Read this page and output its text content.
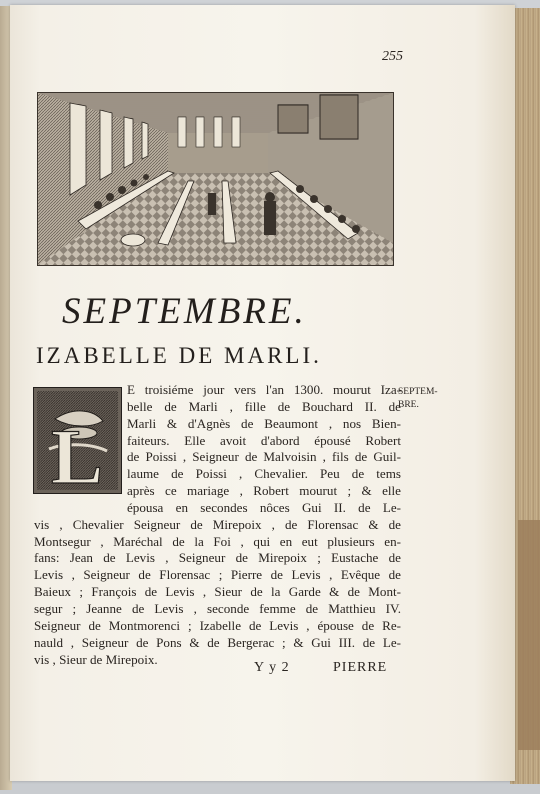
255
SEPTEMBRE.
IZABELLE DE MARLI.
SEPTEM-
BRE.
L
E troisiéme jour vers l'an 1300. mourut Iza-
belle de Marli , fille de Bouchard II. de
Marli & d'Agnès de Beaumont , nos Bien-
faiteurs. Elle avoit d'abord épousé Robert
de Poissi , Seigneur de Malvoisin , fils de Guil-
laume de Poissi , Chevalier. Peu de tems
après ce mariage , Robert mourut ; & elle
épousa en secondes nôces Gui II. de Le-
vis , Chevalier Seigneur de Mirepoix , de Florensac & de
Montsegur , Maréchal de la Foi , qui en eut plusieurs en-
fans: Jean de Levis , Seigneur de Mirepoix ; Eustache de
Levis , Seigneur de Florensac ; Pierre de Levis , Evêque de
Baieux ; François de Levis , Sieur de la Garde & de Mont-
segur ; Jeanne de Levis , seconde femme de Matthieu IV.
Seigneur de Montmorenci ; Izabelle de Levis , épouse de Re-
nauld , Seigneur de Pons & de Bergerac ; & Gui III. de Le-
vis , Sieur de Mirepoix.
Y y 2	PIERRE
